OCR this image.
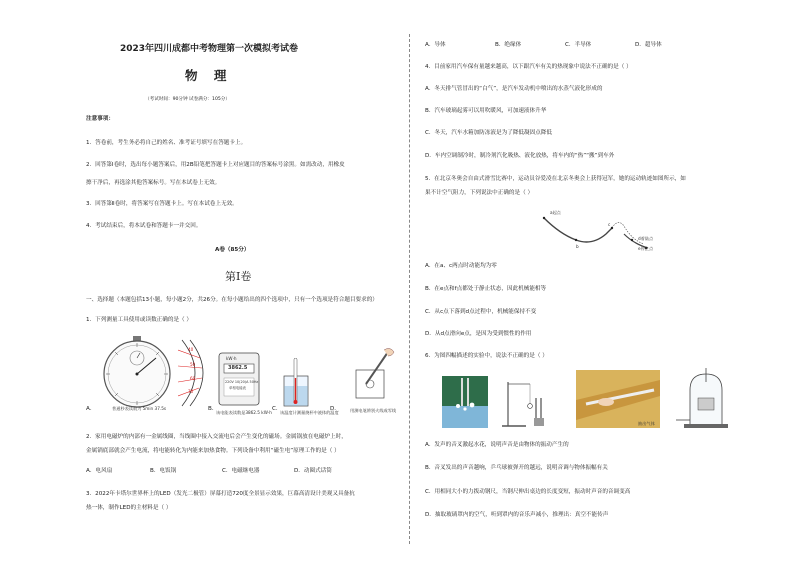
2023年四川成都中考物理第一次模拟考试卷
物 理
（考试时间：90分钟 试卷满分：105分）
注意事项：
1．答卷前，考生务必将自己的姓名、准考证号填写在答题卡上。
2．回答第Ⅰ卷时，选出每小题答案后，用2B铅笔把答题卡上对应题目的答案标号涂黑。如需改动，用橡皮
擦干净后，再选涂其他答案标号。写在本试卷上无效。
3．回答第Ⅱ卷时，将答案写在答题卡上。写在本试卷上无效。
4．考试结束后，将本试卷和答题卡一并交回。
A卷（85分）
第Ⅰ卷
一、选择题（本题包括13小题，每小题2分，共26分。在每小题给出的四个选项中，只有一个选项是符合题目要求的）
1．下列测量工具使用或读数正确的是（ ）
A．	普通秒表读数为 5min 37.5s
40
50
60
70
B．
kW·h
3862.5
220V 10(20)A 50Hz
单相电能表
该电能表读数是3862.5 kW·h
C．
该温度计测量烧杯中液体的温度
D． 用测电笔辨别火线或零线
2．家用电磁炉的内部有一金属线圈，当线圈中接入交流电后会产生变化的磁场。金属锅放在电磁炉上时，
金属锅底部就会产生电流，将电能转化为内能来加热食物。下列设备中利用“磁生电”原理工作的是（ ）
A．电风扇	B．电饭锅	C．电磁继电器	D．动圈式话筒
3．2022年卡塔尔世界杯上的LED（发光二极管）屏幕打造720度全景显示效果，巨幕高清设计美观又具备抗
热一体，制作LED的主材料是（ ）
A．导体	B．绝缘体	C．半导体	D．超导体
4．目前家用汽车保有量越来越高，以下跟汽车有关的热现象中说法不正确的是（ ）
A．冬天排气管冒出的“白气”，是汽车发动机中喷出的水蒸气液化形成的
B．汽车玻璃起雾可以用吹暖风，可加速液体升华
C．冬天，汽车水箱加防冻液是为了降低凝固点降低
D．车内空调制冷时，制冷剂汽化吸热、液化放热，将车内的“热”“搬”到车外
5．在北京冬奥会自由式滑雪比赛中，运动员谷爱凌在北京冬奥会上获得冠军，她的运动轨迹如图所示，如
果不计空气阻力，下列说法中正确的是（ ）
a起点
b
c
d着陆点
e停止点
A．在a、c两点时动能均为零
B．在e点和f点都处于静止状态，因此机械能相等
C．从c点下落到d点过程中，机械能保持不变
D．从d点滑向e点，是因为受到惯性的作用
6．为图四幅描述的实验中，说法不正确的是（ ）
抽出气体
A．发声的音叉激起水花，说明声音是由物体的振动产生的
B．音叉发出的声音越响，乒乓球被弹开的越远，说明音调与物体振幅有关
C．用相同大小的力拨动钢尺，当钢尺伸出桌边的长度变短，振动时声音的音调变高
D．抽取玻璃罩内的空气，听到罩内的音乐声减小，推理出：真空不能传声
